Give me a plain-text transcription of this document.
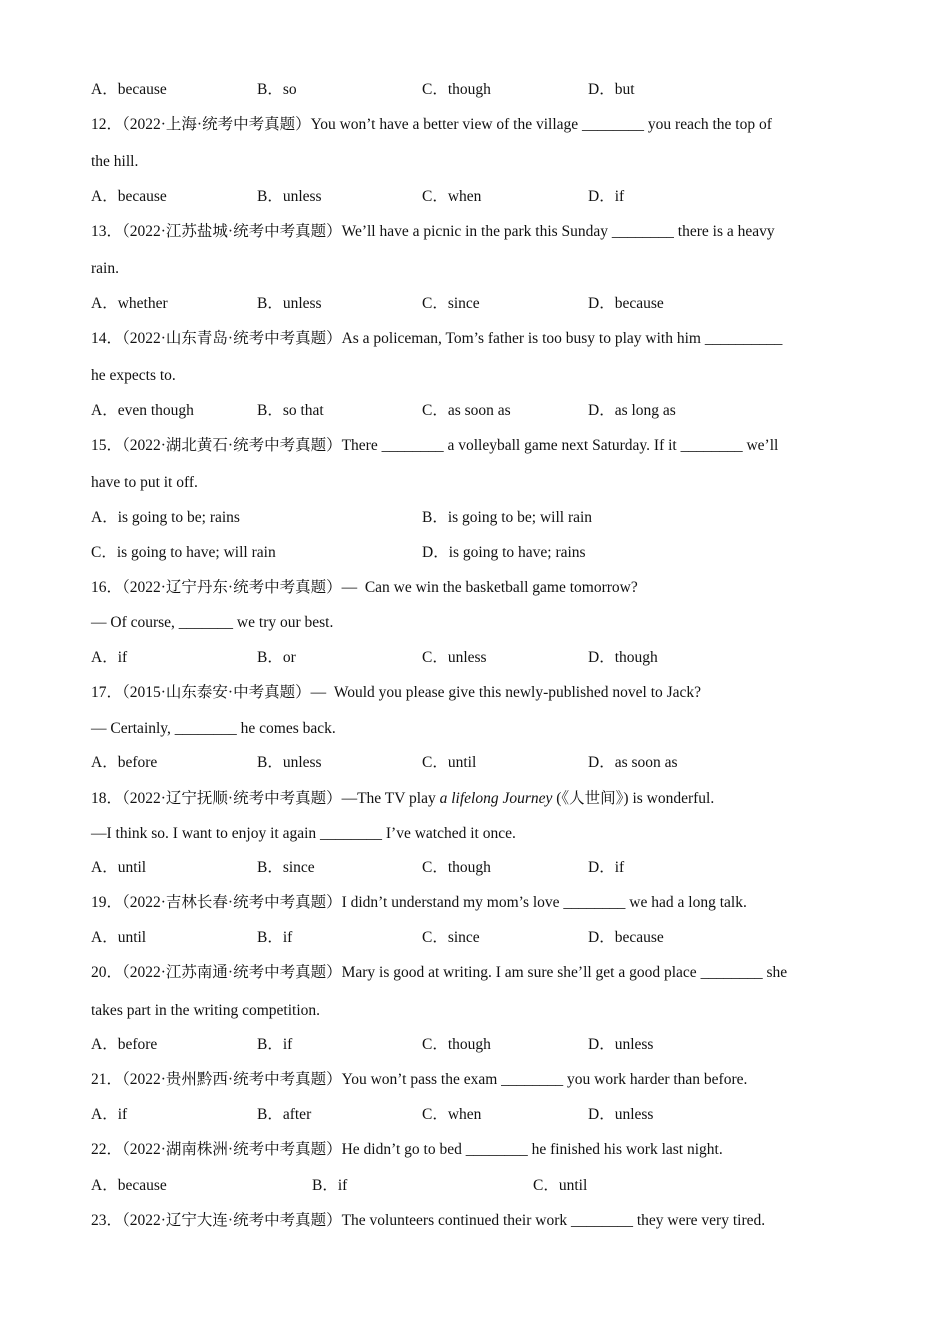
A．because	B．so	C．though	D．but
12．（2022·上海·统考中考真题）You won’t have a better view of the village ________ you reach the top of
the hill.
A．because	B．unless	C．when	D．if
13．（2022·江苏盐城·统考中考真题）We’ll have a picnic in the park this Sunday ________ there is a heavy
rain.
A．whether	B．unless	C．since	D．because
14．（2022·山东青岛·统考中考真题）As a policeman, Tom’s father is too busy to play with him __________
he expects to.
A．even though	B．so that	C．as soon as	D．as long as
15．（2022·湖北黄石·统考中考真题）There ________ a volleyball game next Saturday. If it ________ we’ll
have to put it off.
A．is going to be; rains	B．is going to be; will rain
C．is going to have; will rain	D．is going to have; rains
16．（2022·辽宁丹东·统考中考真题）—  Can we win the basketball game tomorrow?
— Of course, _______ we try our best.
A．if	B．or	C．unless	D．though
17．（2015·山东泰安·中考真题）—  Would you please give this newly-published novel to Jack?
— Certainly, ________ he comes back.
A．before	B．unless	C．until	D．as soon as
18．（2022·辽宁抚顺·统考中考真题）—The TV play a lifelong Journey (《人世间》) is wonderful.
—I think so. I want to enjoy it again ________ I’ve watched it once.
A．until	B．since	C．though	D．if
19．（2022·吉林长春·统考中考真题）I didn’t understand my mom’s love ________ we had a long talk.
A．until	B．if	C．since	D．because
20．（2022·江苏南通·统考中考真题）Mary is good at writing. I am sure she’ll get a good place ________ she
takes part in the writing competition.
A．before	B．if	C．though	D．unless
21．（2022·贵州黔西·统考中考真题）You won’t pass the exam ________ you work harder than before.
A．if	B．after	C．when	D．unless
22．（2022·湖南株洲·统考中考真题）He didn’t go to bed ________ he finished his work last night.
A．because	B．if	C．until
23．（2022·辽宁大连·统考中考真题）The volunteers continued their work ________ they were very tired.
